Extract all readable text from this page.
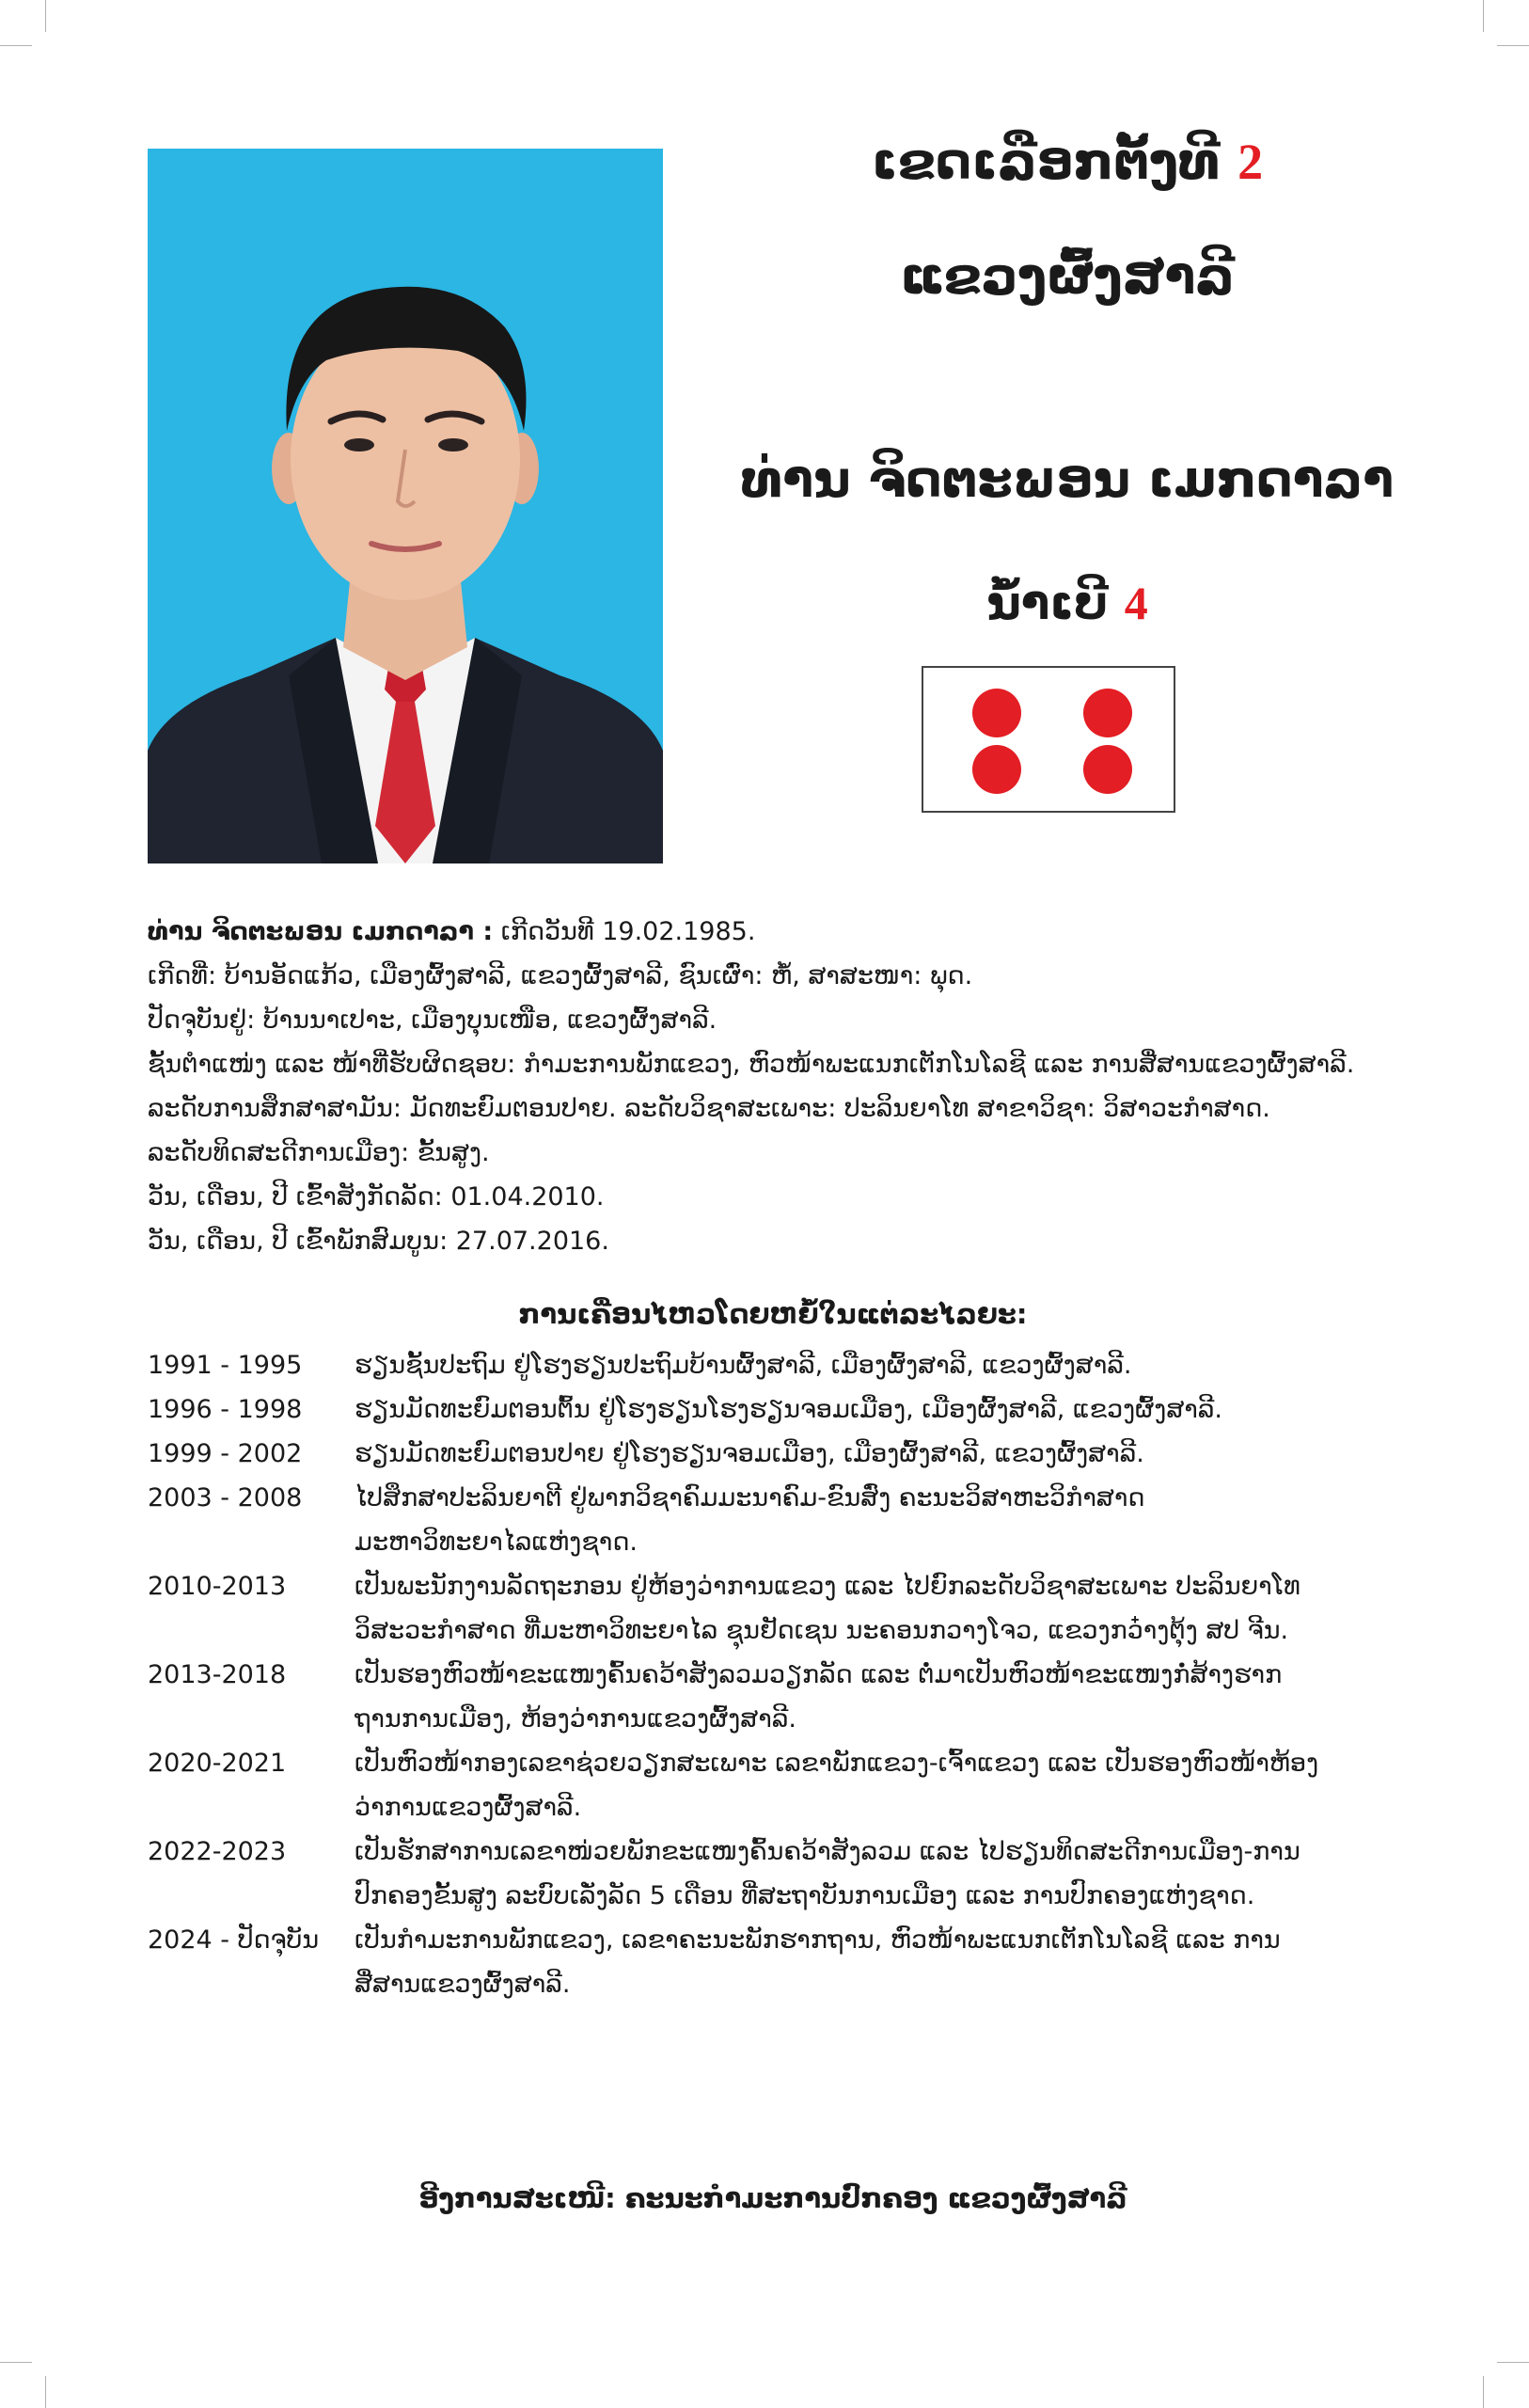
ເຂດເລືອກຕັ້ງທີ 2
ແຂວງຜົ້ງສາລີ
ທ່ານ ຈິດຕະພອນ ເມກດາລາ
ນໍ້າເບີ 4
ທ່ານ ຈິດຕະພອນ ເມກດາລາ : ເກີດວັນທີ 19.02.1985.
ເກີດທີ່: ບ້ານອັດແກ້ວ, ເມືອງຜົ້ງສາລີ, ແຂວງຜົ້ງສາລີ, ຊົນເຜົ່າ: ຫໍ້, ສາສະໜາ: ພຸດ.
ປັດຈຸບັນຢູ່: ບ້ານນາເປາະ, ເມືອງບຸນເໜືອ, ແຂວງຜົ້ງສາລີ.
ຊັ້ນຕໍາແໜ່ງ ແລະ ໜ້າທີ່ຮັບຜິດຊອບ: ກໍາມະການພັກແຂວງ, ຫົວໜ້າພະແນກເຕັກໂນໂລຊີ ແລະ ການສື່ສານແຂວງຜົ້ງສາລີ.
ລະດັບການສຶກສາສາມັນ: ມັດທະຍົມຕອນປາຍ. ລະດັບວິຊາສະເພາະ: ປະລິນຍາໂທ ສາຂາວິຊາ: ວິສາວະກໍາສາດ.
ລະດັບທິດສະດີການເມືອງ: ຂັ້ນສູງ.
ວັນ, ເດືອນ, ປີ ເຂົ້າສັງກັດລັດ: 01.04.2010.
ວັນ, ເດືອນ, ປີ ເຂົ້າພັກສົມບູນ: 27.07.2016.
ການເຄື່ອນໄຫວໂດຍຫຍໍ້ໃນແຕ່ລະໄລຍະ:
1991 - 1995	ຮຽນຊັ້ນປະຖົມ ຢູ່ໂຮງຮຽນປະຖົມບ້ານຜົ້ງສາລີ, ເມືອງຜົ້ງສາລີ, ແຂວງຜົ້ງສາລີ.
1996 - 1998	ຮຽນມັດທະຍົມຕອນຕົ້ນ ຢູ່ໂຮງຮຽນໂຮງຮຽນຈອມເມືອງ, ເມືອງຜົ້ງສາລີ, ແຂວງຜົ້ງສາລີ.
1999 - 2002	ຮຽນມັດທະຍົມຕອນປາຍ ຢູ່ໂຮງຮຽນຈອມເມືອງ, ເມືອງຜົ້ງສາລີ, ແຂວງຜົ້ງສາລີ.
2003 - 2008	ໄປສຶກສາປະລິນຍາຕີ ຢູ່ພາກວິຊາຄົມມະນາຄົມ-ຂົນສົ່ງ ຄະນະວິສາຫະວິກໍາສາດ
ມະຫາວິທະຍາໄລແຫ່ງຊາດ.
2010-2013	ເປັນພະນັກງານລັດຖະກອນ ຢູ່ຫ້ອງວ່າການແຂວງ ແລະ ໄປຍົກລະດັບວິຊາສະເພາະ ປະລິນຍາໂທ
ວິສະວະກໍາສາດ ທີ່ມະຫາວິທະຍາໄລ ຊຸນຢັດເຊນ ນະຄອນກວາງໂຈວ, ແຂວງກວ໋າງຕຸ້ງ ສປ ຈີນ.
2013-2018	ເປັນຮອງຫົວໜ້າຂະແໜງຄົ້ນຄວ້າສັງລວມວຽກລັດ ແລະ ຕໍ່ມາເປັນຫົວໜ້າຂະແໜງກໍ່ສ້າງຮາກ
ຖານການເມືອງ, ຫ້ອງວ່າການແຂວງຜົ້ງສາລີ.
2020-2021	ເປັນຫົວໜ້າກອງເລຂາຊ່ວຍວຽກສະເພາະ ເລຂາພັກແຂວງ-ເຈົ້າແຂວງ ແລະ ເປັນຮອງຫົວໜ້າຫ້ອງ
ວ່າການແຂວງຜົ້ງສາລີ.
2022-2023	ເປັນຮັກສາການເລຂາໜ່ວຍພັກຂະແໜງຄົ້ນຄວ້າສັງລວມ ແລະ ໄປຮຽນທິດສະດີການເມືອງ-ການ
ປົກຄອງຂັ້ນສູງ ລະບົບເລັ່ງລັດ 5 ເດືອນ ທີ່ສະຖາບັນການເມືອງ ແລະ ການປົກຄອງແຫ່ງຊາດ.
2024 - ປັດຈຸບັນ	ເປັນກໍາມະການພັກແຂວງ, ເລຂາຄະນະພັກຮາກຖານ, ຫົວໜ້າພະແນກເຕັກໂນໂລຊີ ແລະ ການ
ສື່ສານແຂວງຜົ້ງສາລີ.
ອີງການສະເໜີ: ຄະນະກໍາມະການປົກຄອງ ແຂວງຜົ້ງສາລີ
